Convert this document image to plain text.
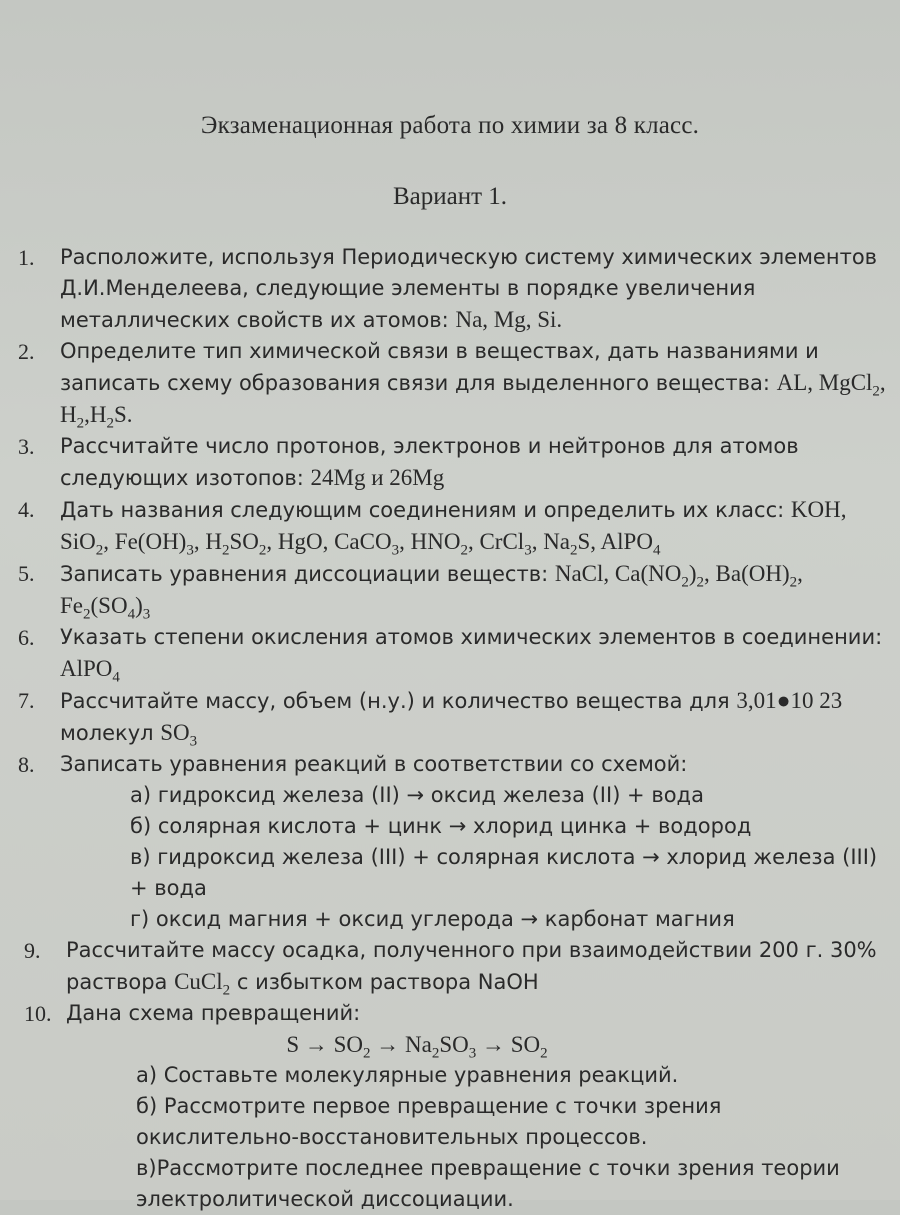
Экзаменационная работа по химии за 8 класс.
Вариант 1.
1. Расположите, используя Периодическую систему химических элементов Д.И.Менделеева, следующие элементы в порядке увеличения металлических свойств их атомов: Na, Mg, Si.
2. Определите тип химической связи в веществах, дать названиями и записать схему образования связи для выделенного вещества: AL, MgCl$_2$, $H_2,H_2S$.
3. Рассчитайте число протонов, электронов и нейтронов для атомов следующих изотопов: 24Mg и 26Mg
4. Дать названия следующим соединениям и определить их класс: KOH, SiO$_2$, $Fe(OH)_3$, $H_2SO_2$, HgO, CaCO$_3$, $HNO_2$, CrCl$_3$, $Na_2S$, AlPO$_4$
5. Записать уравнения диссоциации веществ: NaCl, $Ca(NO_2)_2$, $Ba(OH)_2$, $Fe_2(SO_4)_3$
6. Указать степени окисления атомов химических элементов в соединении: AlPO$_4$
7. Рассчитайте массу, объем (н.у.) и количество вещества для 3,01●10 23 молекул $SO_3$
8. Записать уравнения реакций в соответствии со схемой:
а) гидроксид железа (II) → оксид железа (II) + вода
б) солярная кислота + цинк → хлорид цинка + водород
в) гидроксид железа (III) + солярная кислота → хлорид железа (III) + вода
г) оксид магния + оксид углерода → карбонат магния
9. Рассчитайте массу осадка, полученного при взаимодействии 200 г. 30% раствора CuCl$_2$ с избытком раствора NaOH
10. Дана схема превращений:
$S \to SO_2 \to Na_2SO_3 \to SO_2$
а) Составьте молекулярные уравнения реакций.
б) Рассмотрите первое превращение с точки зрения окислительно-восстановительных процессов.
в)Рассмотрите последнее превращение с точки зрения теории электролитической диссоциации.
